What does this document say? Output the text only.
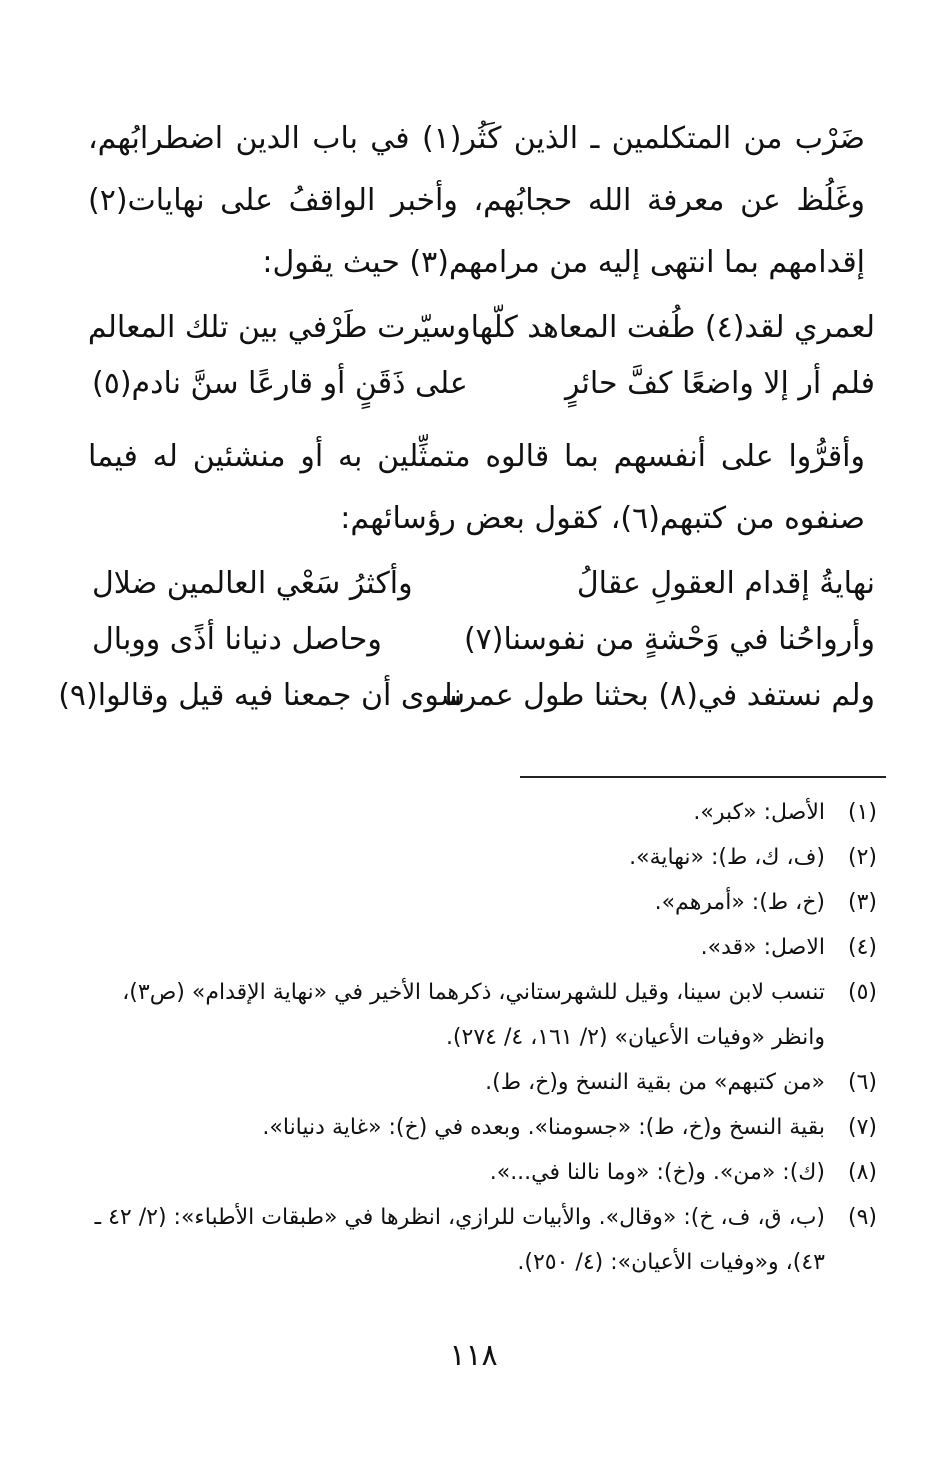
ضَرْب من المتكلمين ـ الذين كَثُر(١) في باب الدين اضطرابُهم، وغَلُظ عن معرفة الله حجابُهم، وأخبر الواقفُ على نهايات(٢) إقدامهم بما انتهى إليه من مرامهم(٣) حيث يقول:
لعمري لقد(٤) طُفت المعاهد كلّها
وسيّرت طَرْفي بين تلك المعالم
فلم أر إلا واضعًا كفَّ حائرٍ
على ذَقَنٍ أو قارعًا سنَّ نادم(٥)
وأقرُّوا على أنفسهم بما قالوه متمثِّلين به أو منشئين له فيما صنفوه من كتبهم(٦)، كقول بعض رؤسائهم:
نهايةُ إقدام العقولِ عقالُ
وأكثرُ سَعْي العالمين ضلال
وأرواحُنا في وَحْشةٍ من نفوسنا(٧)
وحاصل دنيانا أذًى ووبال
ولم نستفد في(٨) بحثنا طول عمرنا
سوى أن جمعنا فيه قيل وقالوا(٩)
(١)
الأصل: «كبر».
(٢)
(ف، ك، ط): «نهاية».
(٣)
(خ، ط): «أمرهم».
(٤)
الاصل: «قد».
(٥)
تنسب لابن سينا، وقيل للشهرستاني، ذكرهما الأخير في «نهاية الإقدام» (ص٣)، وانظر «وفيات الأعيان» (٢/ ١٦١، ٤/ ٢٧٤).
(٦)
«من كتبهم» من بقية النسخ و(خ، ط).
(٧)
بقية النسخ و(خ، ط): «جسومنا». وبعده في (خ): «غاية دنيانا».
(٨)
(ك): «من». و(خ): «وما نالنا في...».
(٩)
(ب، ق، ف، خ): «وقال». والأبيات للرازي، انظرها في «طبقات الأطباء»: (٢/ ٤٢ ـ ٤٣)، و«وفيات الأعيان»: (٤/ ٢٥٠).
١١٨
